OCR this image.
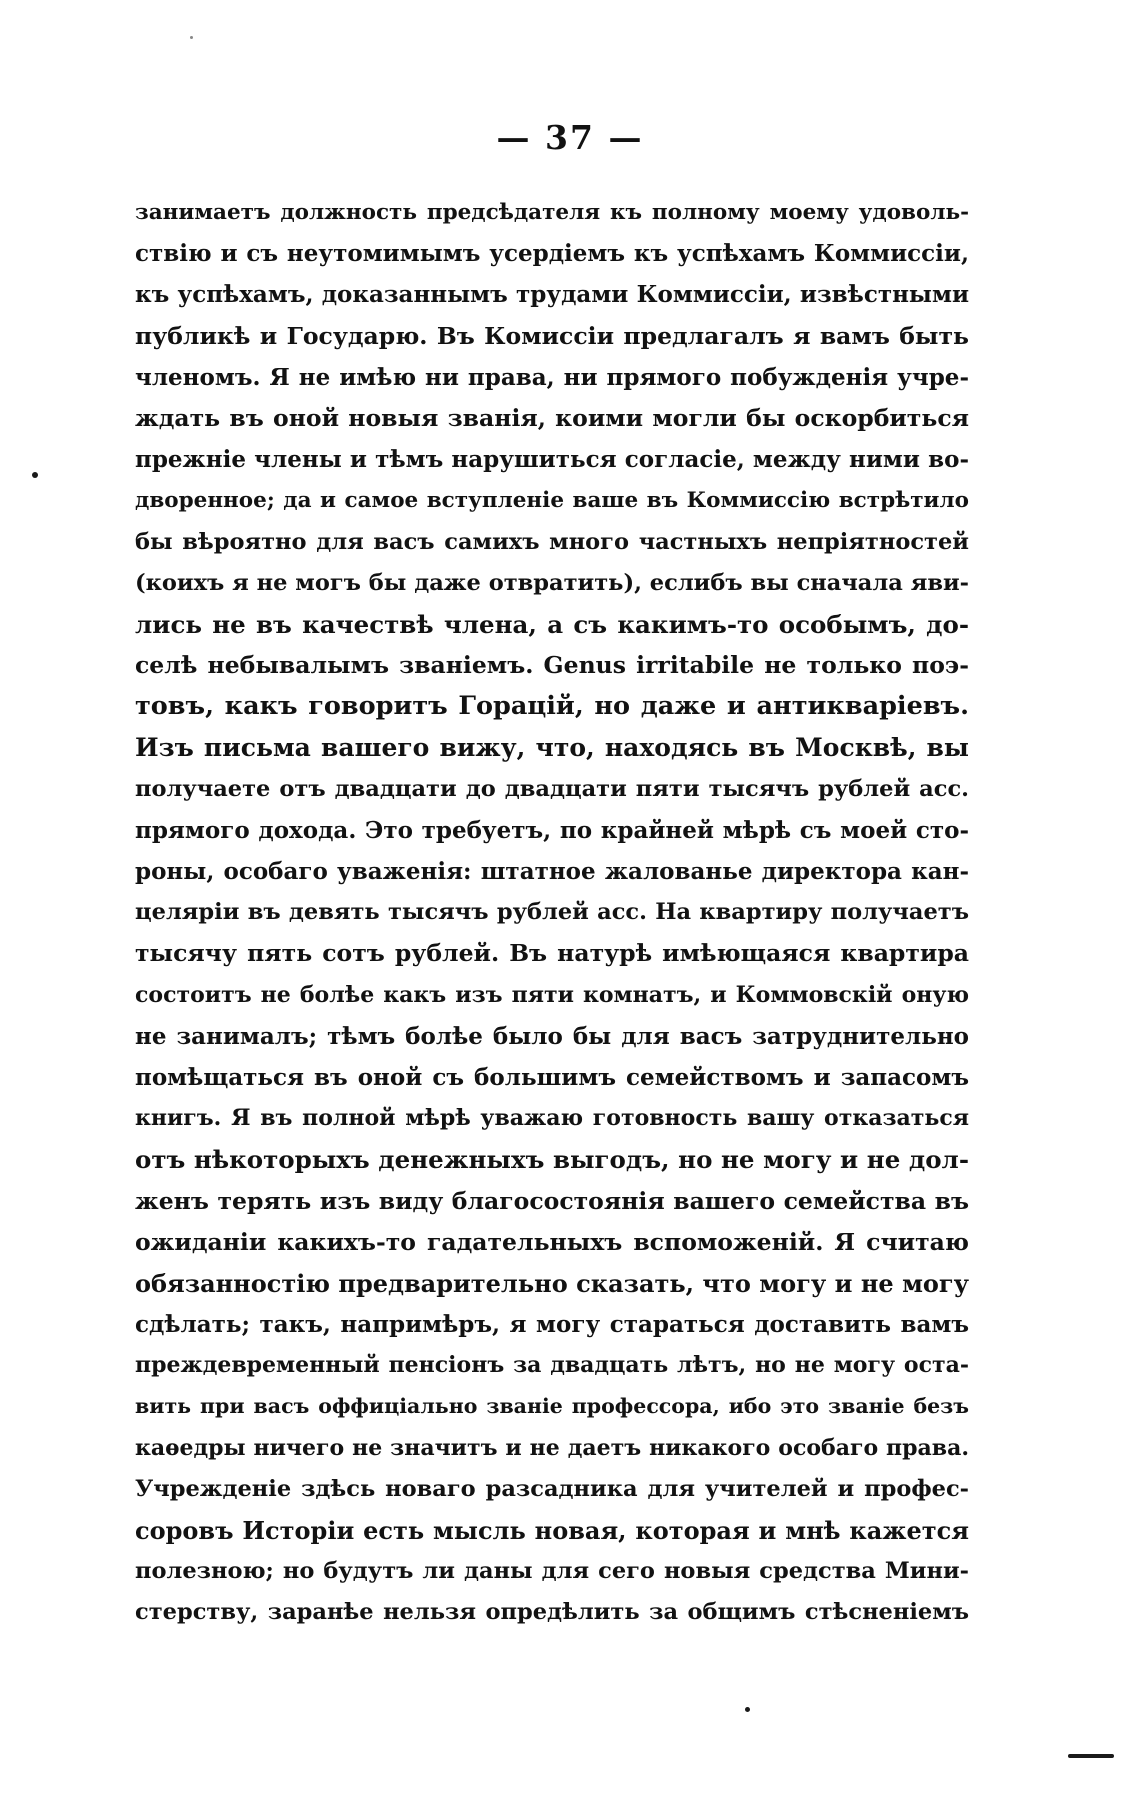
— 37 —
занимаетъ должность предсѣдателя къ полному моему удоволь-
ствію и съ неутомимымъ усердіемъ къ успѣхамъ Коммиссіи,
къ успѣхамъ, доказаннымъ трудами Коммиссіи, извѣстными
публикѣ и Государю. Въ Комиссіи предлагалъ я вамъ быть
членомъ. Я не имѣю ни права, ни прямого побужденія учре-
ждать въ оной новыя званія, коими могли бы оскорбиться
прежніе члены и тѣмъ нарушиться согласіе, между ними во-
дворенное; да и самое вступленіе ваше въ Коммиссію встрѣтило
бы вѣроятно для васъ самихъ много частныхъ непріятностей
(коихъ я не могъ бы даже отвратить), еслибъ вы сначала яви-
лись не въ качествѣ члена, а съ какимъ-то особымъ, до-
селѣ небывалымъ званіемъ. Genus irritabile не только поэ-
товъ, какъ говоритъ Горацій, но даже и антикваріевъ.
Изъ письма вашего вижу, что, находясь въ Москвѣ, вы
получаете отъ двадцати до двадцати пяти тысячъ рублей асс.
прямого дохода. Это требуетъ, по крайней мѣрѣ съ моей сто-
роны, особаго уваженія: штатное жалованье директора кан-
целяріи въ девять тысячъ рублей асс. На квартиру получаетъ
тысячу пять сотъ рублей. Въ натурѣ имѣющаяся квартира
состоитъ не болѣе какъ изъ пяти комнатъ, и Коммовскій оную
не занималъ; тѣмъ болѣе было бы для васъ затруднительно
помѣщаться въ оной съ большимъ семействомъ и запасомъ
книгъ. Я въ полной мѣрѣ уважаю готовность вашу отказаться
отъ нѣкоторыхъ денежныхъ выгодъ, но не могу и не дол-
женъ терять изъ виду благосостоянія вашего семейства въ
ожиданіи какихъ-то гадательныхъ вспоможеній. Я считаю
обязанностію предварительно сказать, что могу и не могу
сдѣлать; такъ, напримѣръ, я могу стараться доставить вамъ
преждевременный пенсіонъ за двадцать лѣтъ, но не могу оста-
вить при васъ оффиціально званіе профессора, ибо это званіе безъ
каѳедры ничего не значитъ и не даетъ никакого особаго права.
Учрежденіе здѣсь новаго разсадника для учителей и профес-
соровъ Исторіи есть мысль новая, которая и мнѣ кажется
полезною; но будутъ ли даны для сего новыя средства Мини-
стерству, заранѣе нельзя опредѣлить за общимъ стѣсненіемъ
